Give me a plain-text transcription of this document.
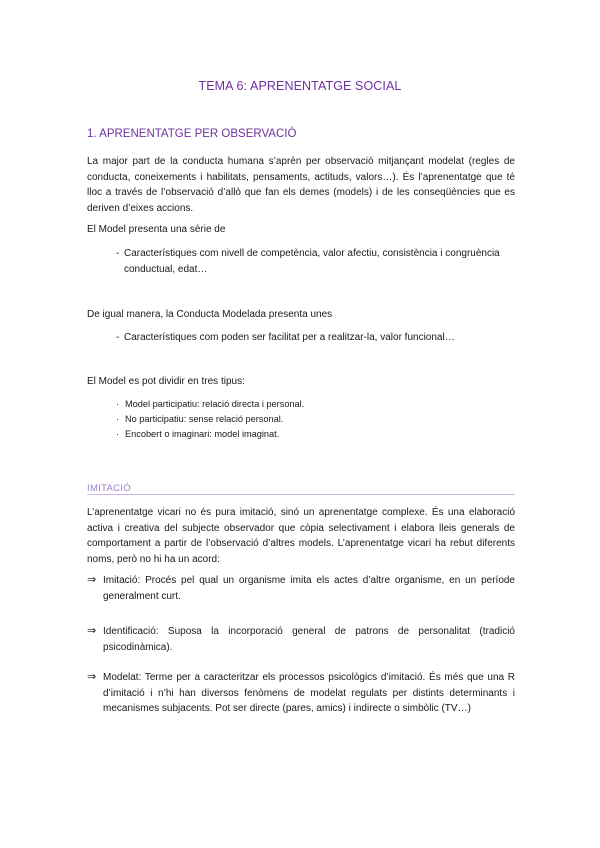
TEMA 6: APRENENTATGE SOCIAL
1. APRENENTATGE PER OBSERVACIÓ
La major part de la conducta humana s’aprèn per observació mitjançant modelat (regles de conducta, coneixements i habilitats, pensaments, actituds, valors…). És l’aprenentatge que té lloc a través de l’observació d’allò que fan els demes (models) i de les conseqüències que es deriven d’eixes accions.
El Model presenta una sèrie de
- Característiques com nivell de competència, valor afectiu, consistència i congruència conductual, edat…
De igual manera, la Conducta Modelada presenta unes
- Característiques com poden ser facilitat per a realitzar-la, valor funcional…
El Model es pot dividir en tres tipus:
· Model participatiu: relació directa i personal.
· No participatiu: sense relació personal.
· Encobert o imaginari: model imaginat.
IMITACIÓ
L’aprenentatge vicari no és pura imitació, sinó un aprenentatge complexe. És una elaboració activa i creativa del subjecte observador que còpia selectivament i elabora lleis generals de comportament a partir de l’observació d’altres models. L’aprenentatge vicari ha rebut diferents noms, però no hi ha un acord:
⇒ Imitació: Procés pel qual un organisme imita els actes d’altre organisme, en un període generalment curt.
⇒ Identificació: Suposa la incorporació general de patrons de personalitat (tradició psicodinàmica).
⇒ Modelat: Terme per a caracteritzar els processos psicològics d’imitació. És més que una R d’imitació i n’hi han diversos fenòmens de modelat regulats per distints determinants i mecanismes subjacents. Pot ser directe (pares, amics) i indirecte o simbòlic (TV…)
